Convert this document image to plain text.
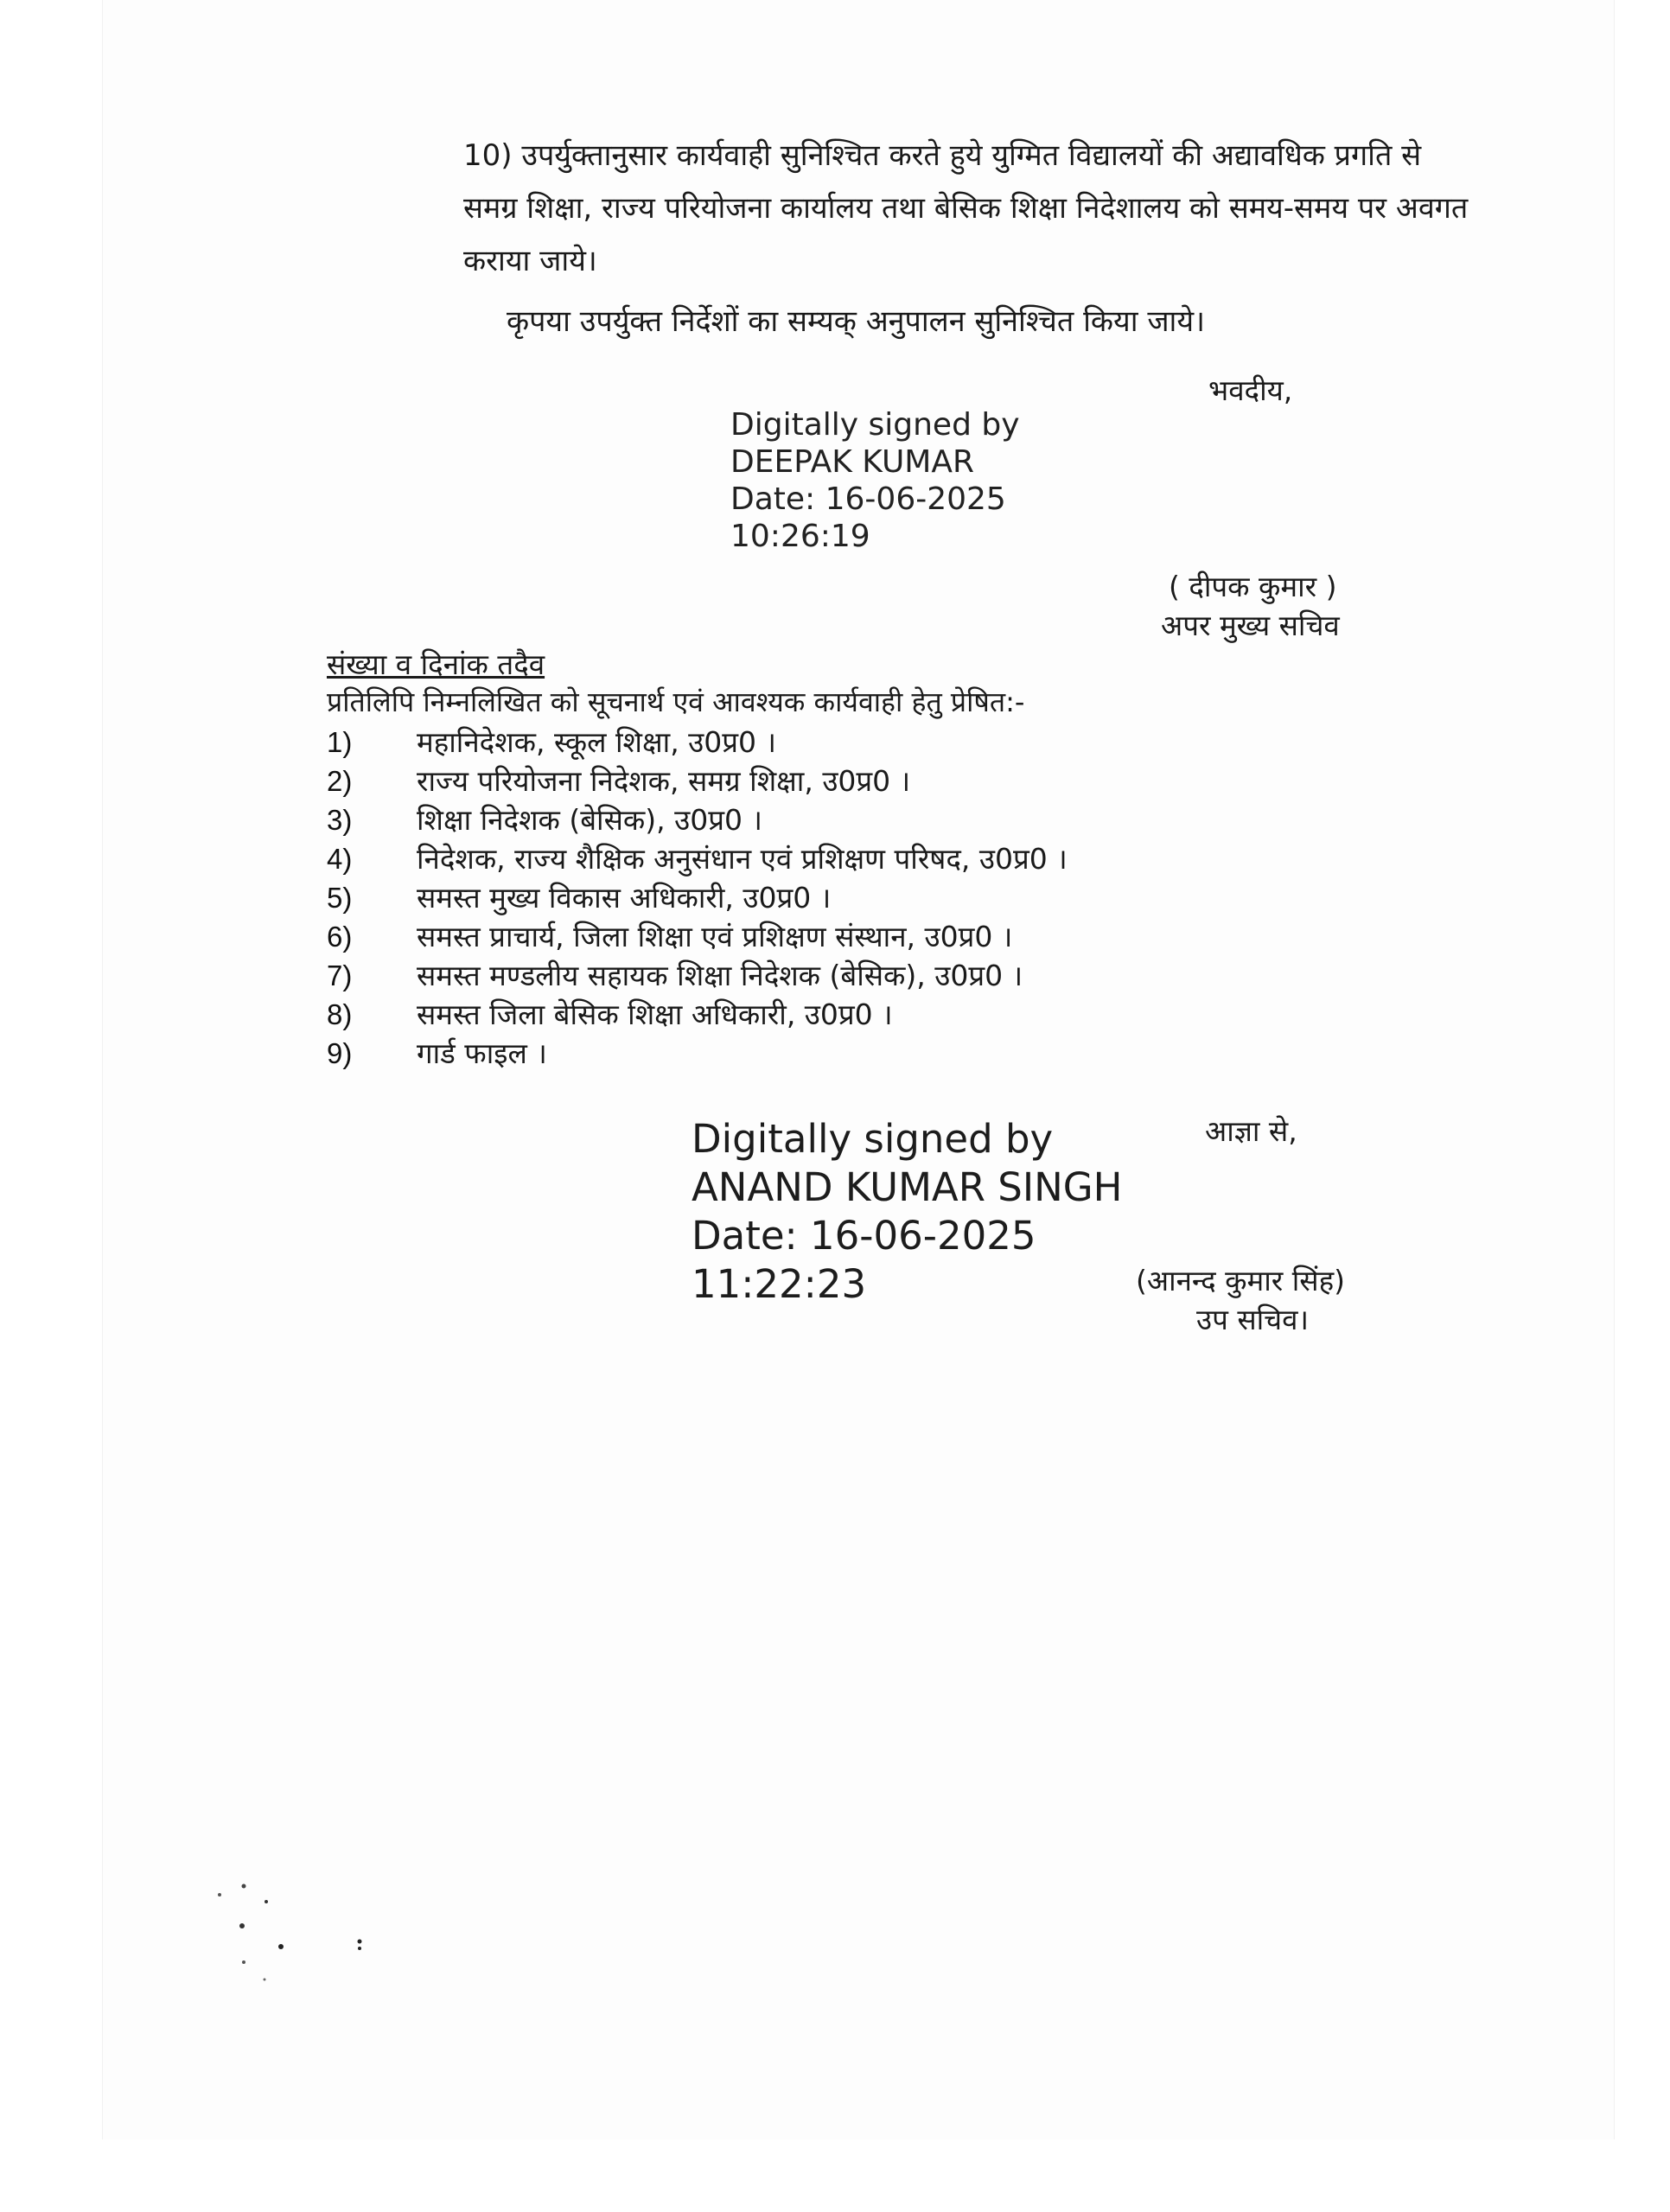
10) उपर्युक्तानुसार कार्यवाही सुनिश्चित करते हुये युग्मित विद्यालयों की अद्यावधिक प्रगति से समग्र शिक्षा, राज्य परियोजना कार्यालय तथा बेसिक शिक्षा निदेशालय को समय-समय पर अवगत कराया जाये।
कृपया उपर्युक्त निर्देशों का सम्यक् अनुपालन सुनिश्चित किया जाये।
भवदीय,
Digitally signed by
DEEPAK KUMAR
Date: 16-06-2025
10:26:19
( दीपक कुमार )
अपर मुख्य सचिव
संख्या व दिनांक तदैव
प्रतिलिपि निम्नलिखित को सूचनार्थ एवं आवश्यक कार्यवाही हेतु प्रेषित:-
1) महानिदेशक, स्कूल शिक्षा, उ0प्र0 ।
2) राज्य परियोजना निदेशक, समग्र शिक्षा, उ0प्र0 ।
3) शिक्षा निदेशक (बेसिक), उ0प्र0 ।
4) निदेशक, राज्य शैक्षिक अनुसंधान एवं प्रशिक्षण परिषद, उ0प्र0 ।
5) समस्त मुख्य विकास अधिकारी, उ0प्र0 ।
6) समस्त प्राचार्य, जिला शिक्षा एवं प्रशिक्षण संस्थान, उ0प्र0 ।
7) समस्त मण्डलीय सहायक शिक्षा निदेशक (बेसिक), उ0प्र0 ।
8) समस्त जिला बेसिक शिक्षा अधिकारी, उ0प्र0 ।
9) गार्ड फाइल ।
आज्ञा से,
Digitally signed by
ANAND KUMAR SINGH
Date: 16-06-2025
11:22:23	(आनन्द कुमार सिंह)
उप सचिव।
